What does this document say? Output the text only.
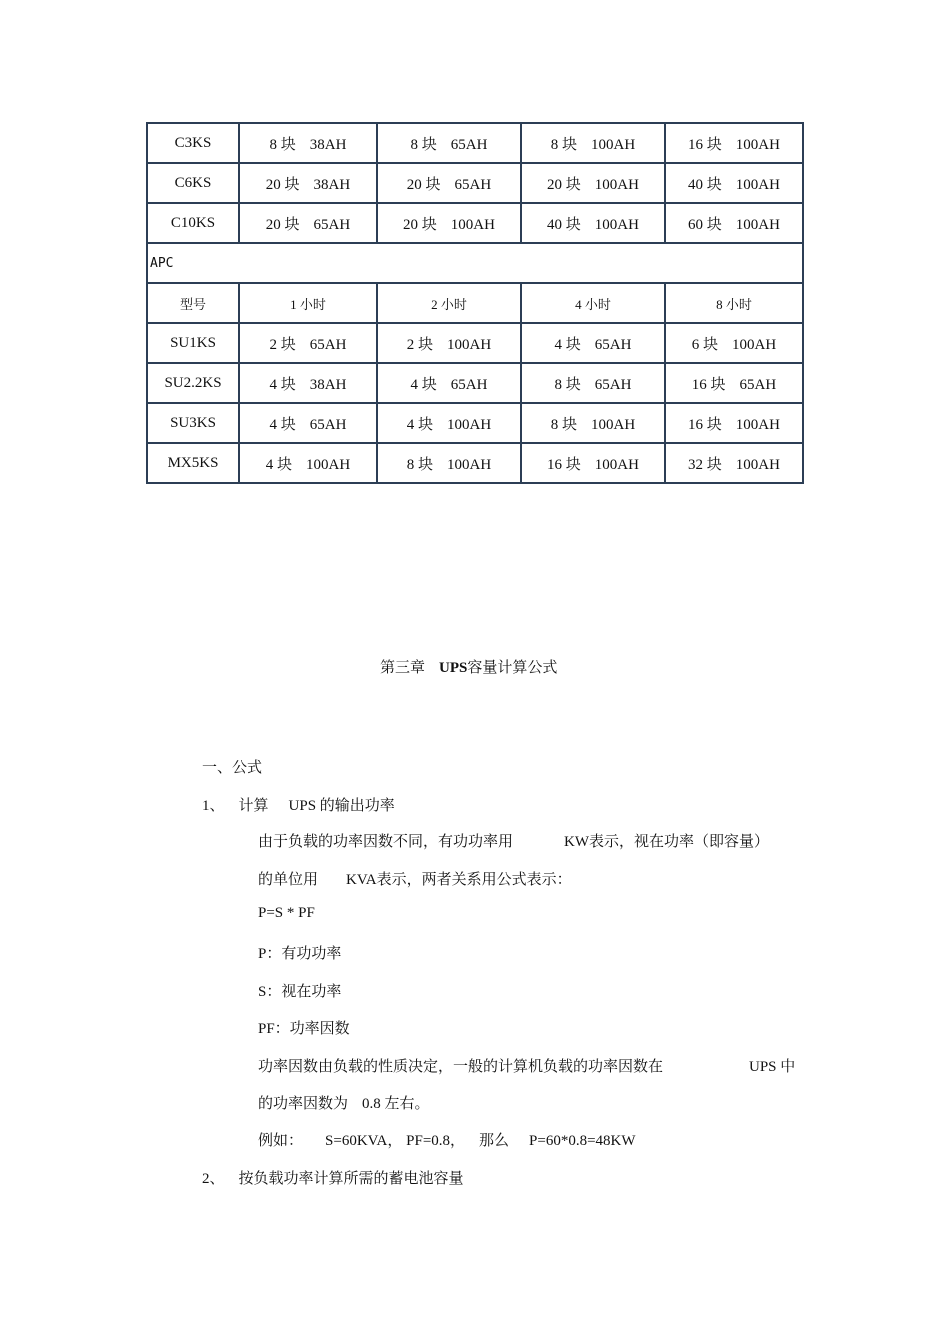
C3KS	8 块 38AH	8 块 65AH	8 块 100AH	16 块 100AH
C6KS	20 块 38AH	20 块 65AH	20 块 100AH	40 块 100AH
C10KS	20 块 65AH	20 块 100AH	40 块 100AH	60 块 100AH
APC				
型号	1 小时	2 小时	4 小时	8 小时
SU1KS	2 块 65AH	2 块 100AH	4 块 65AH	6 块 100AH
SU2.2KS	4 块 38AH	4 块 65AH	8 块 65AH	16 块 65AH
SU3KS	4 块 65AH	4 块 100AH	8 块 100AH	16 块 100AH
MX5KS	4 块 100AH	8 块 100AH	16 块 100AH	32 块 100AH
第三章 UPS容量计算公式
一、公式
1、 计算 UPS 的输出功率
由于负载的功率因数不同，有功功率用	KW表示，视在功率（即容量）
的单位用 KVA表示，两者关系用公式表示：
P=S * PF
P：有功功率
S：视在功率
PF：功率因数
功率因数由负载的性质决定，一般的计算机负载的功率因数在	UPS 中
的功率因数为 0.8 左右。
例如： S=60KVA， PF=0.8， 那么 P=60*0.8=48KW
2、 按负载功率计算所需的蓄电池容量
